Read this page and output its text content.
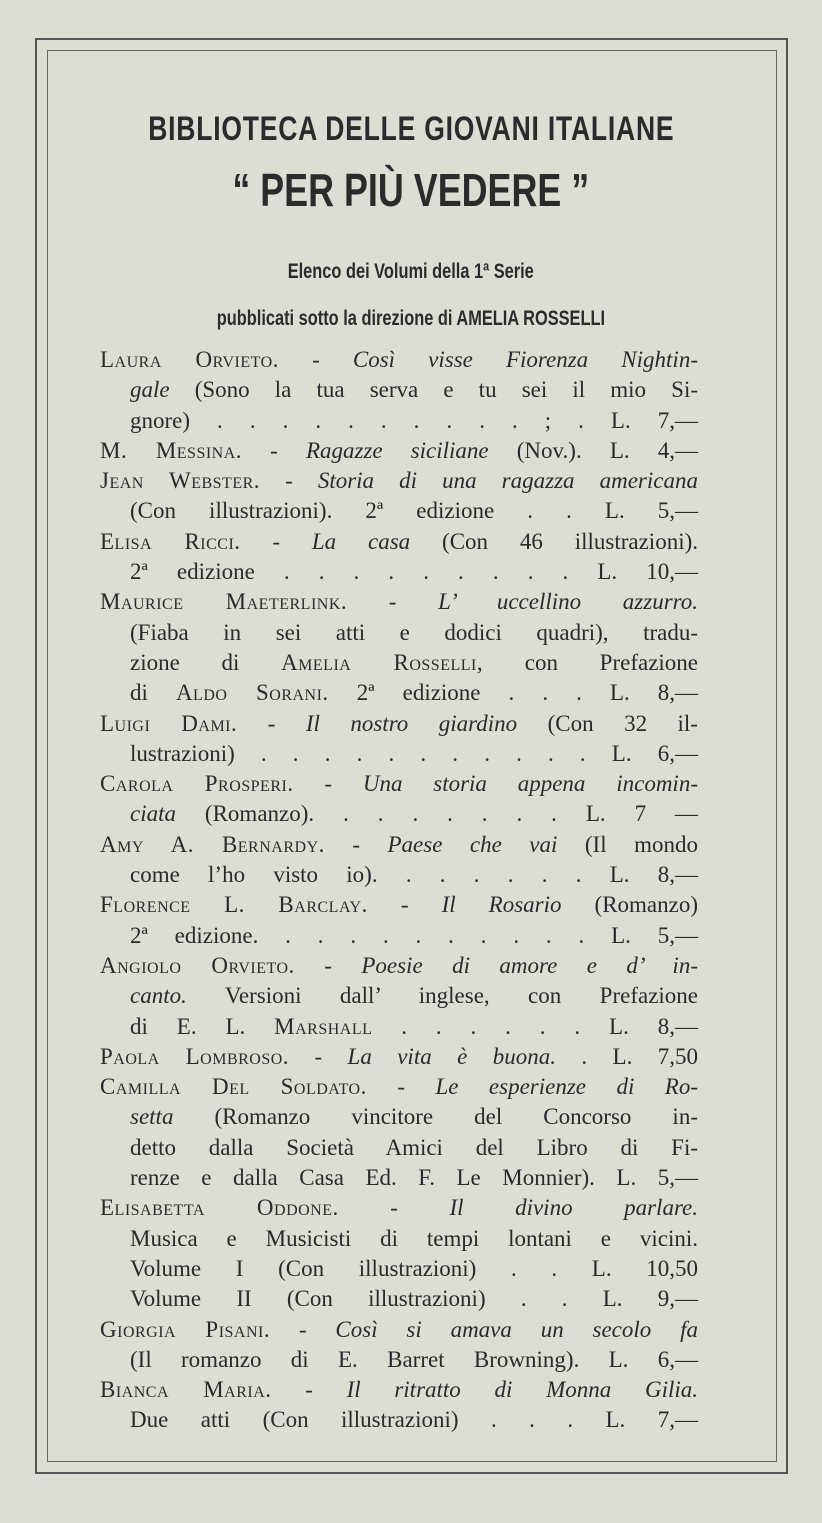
BIBLIOTECA DELLE GIOVANI ITALIANE
“ PER PIÙ VEDERE ”
Elenco dei Volumi della 1ª Serie
pubblicati sotto la direzione di AMELIA ROSSELLI
Laura Orvieto. - Così visse Fiorenza Nightin-
gale (Sono la tua serva e tu sei il mio Si-
gnore) . . . . . . . . . . ; . L. 7,—
M. Messina. - Ragazze siciliane (Nov.). L. 4,—
Jean Webster. - Storia di una ragazza americana
(Con illustrazioni). 2ª edizione . . L. 5,—
Elisa Ricci. - La casa (Con 46 illustrazioni).
2ª edizione . . . . . . . . . L. 10,—
Maurice Maeterlink. - L’ uccellino azzurro.
(Fiaba in sei atti e dodici quadri), tradu-
zione di Amelia Rosselli, con Prefazione
di Aldo Sorani. 2ª edizione . . . L. 8,—
Luigi Dami. - Il nostro giardino (Con 32 il-
lustrazioni) . . . . . . . . . . . L. 6,—
Carola Prosperi. - Una storia appena incomin-
ciata (Romanzo). . . . . . . . L. 7 —
Amy A. Bernardy. - Paese che vai (Il mondo
come l’ho visto io). . . . . . . L. 8,—
Florence L. Barclay. - Il Rosario (Romanzo)
2ª edizione. . . . . . . . . . . L. 5,—
Angiolo Orvieto. - Poesie di amore e d’ in-
canto. Versioni dall’ inglese, con Prefazione
di E. L. Marshall . . . . . . L. 8,—
Paola Lombroso. - La vita è buona. . L. 7,50
Camilla Del Soldato. - Le esperienze di Ro-
setta (Romanzo vincitore del Concorso in-
detto dalla Società Amici del Libro di Fi-
renze e dalla Casa Ed. F. Le Monnier). L. 5,—
Elisabetta Oddone. - Il divino parlare.
Musica e Musicisti di tempi lontani e vicini.
Volume I (Con illustrazioni) . . L. 10,50
Volume II (Con illustrazioni) . . L. 9,—
Giorgia Pisani. - Così si amava un secolo fa
(Il romanzo di E. Barret Browning). L. 6,—
Bianca Maria. - Il ritratto di Monna Gilia.
Due atti (Con illustrazioni) . . . L. 7,—
